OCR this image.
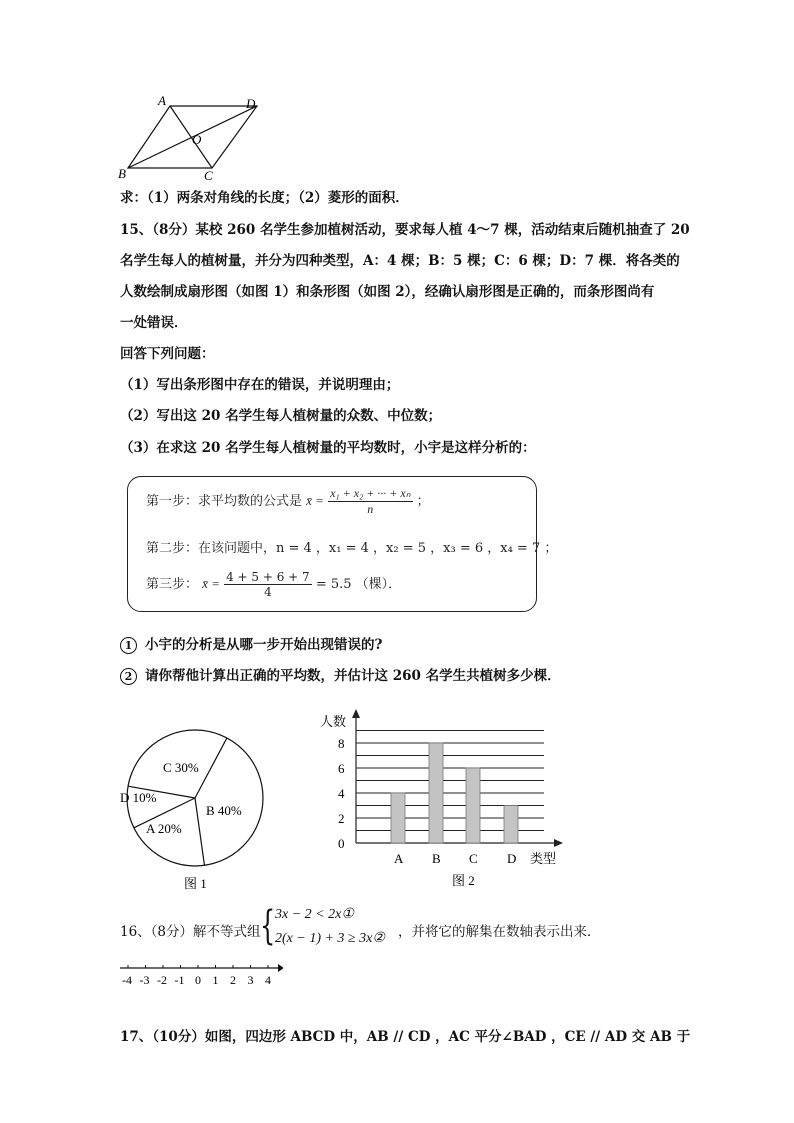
A	D
O
B	C
求：（1）两条对角线的长度；（2）菱形的面积．
15、（8分）某校 260 名学生参加植树活动，要求每人植 4～7 棵，活动结束后随机抽查了 20
名学生每人的植树量，并分为四种类型，A：4 棵；B：5 棵；C：6 棵；D：7 棵．将各类的
人数绘制成扇形图（如图 1）和条形图（如图 2），经确认扇形图是正确的，而条形图尚有
一处错误．
回答下列问题：
（1）写出条形图中存在的错误，并说明理由；
（2）写出这 20 名学生每人植树量的众数、中位数；
（3）在求这 20 名学生每人植树量的平均数时，小宇是这样分析的：
第一步：求平均数的公式是 x̄ = $\frac{\text{x₁ + x₂ + ··· + xₙ}}{n}$ ；
第二步：在该问题中，n = 4 ，x₁ = 4 ，x₂ = 5 ，x₃ = 6 ，x₄ = 7 ；
第三步： x̄ = $\frac{4 + 5 + 6 + 7}{4} = 5.5$ （棵）．
1 小宇的分析是从哪一步开始出现错误的?
2 请你帮他计算出正确的平均数，并估计这 260 名学生共植树多少棵．
C 30%
D 10%
A 20%
B 40%
图 1
人数
0
2
4
6
8
A B C D 类型
图 2
16、（8分）解不等式组 { 3x − 2 < 2x①
2(x − 1) + 3 ≥ 3x② ，并将它的解集在数轴表示出来．
-4 -3 -2 -1 0 1 2 3 4
17、（10分）如图，四边形 ABCD 中，AB // CD ，AC 平分∠BAD ，CE // AD 交 AB 于
